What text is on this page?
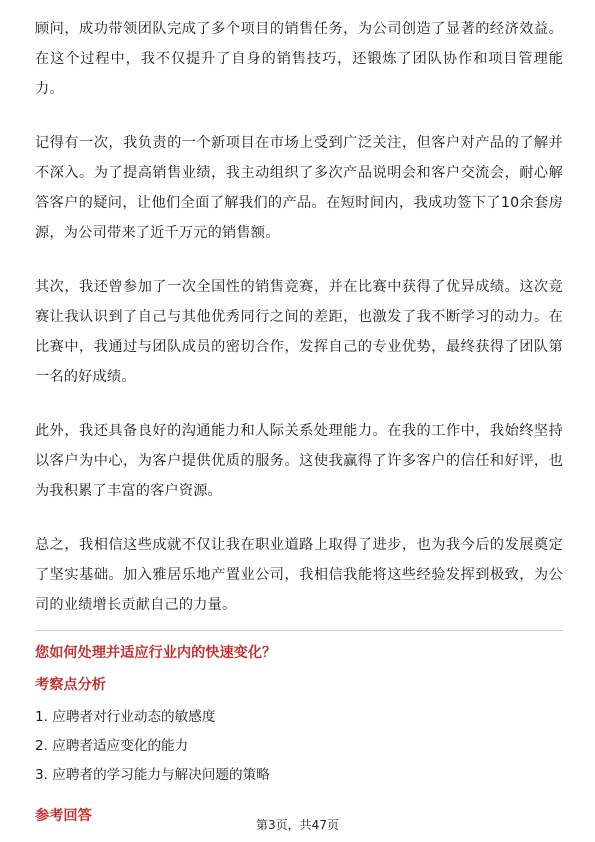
顾问，成功带领团队完成了多个项目的销售任务，为公司创造了显著的经济效益。在这个过程中，我不仅提升了自身的销售技巧，还锻炼了团队协作和项目管理能力。

记得有一次，我负责的一个新项目在市场上受到广泛关注，但客户对产品的了解并不深入。为了提高销售业绩，我主动组织了多次产品说明会和客户交流会，耐心解答客户的疑问，让他们全面了解我们的产品。在短时间内，我成功签下了10余套房源，为公司带来了近千万元的销售额。

其次，我还曾参加了一次全国性的销售竞赛，并在比赛中获得了优异成绩。这次竞赛让我认识到了自己与其他优秀同行之间的差距，也激发了我不断学习的动力。在比赛中，我通过与团队成员的密切合作，发挥自己的专业优势，最终获得了团队第一名的好成绩。

此外，我还具备良好的沟通能力和人际关系处理能力。在我的工作中，我始终坚持以客户为中心，为客户提供优质的服务。这使我赢得了许多客户的信任和好评，也为我积累了丰富的客户资源。

总之，我相信这些成就不仅让我在职业道路上取得了进步，也为我今后的发展奠定了坚实基础。加入雅居乐地产置业公司，我相信我能将这些经验发挥到极致，为公司的业绩增长贡献自己的力量。

您如何处理并适应行业内的快速变化？
考察点分析
1. 应聘者对行业动态的敏感度
2. 应聘者适应变化的能力
3. 应聘者的学习能力与解决问题的策略
参考回答
第3页，共47页
